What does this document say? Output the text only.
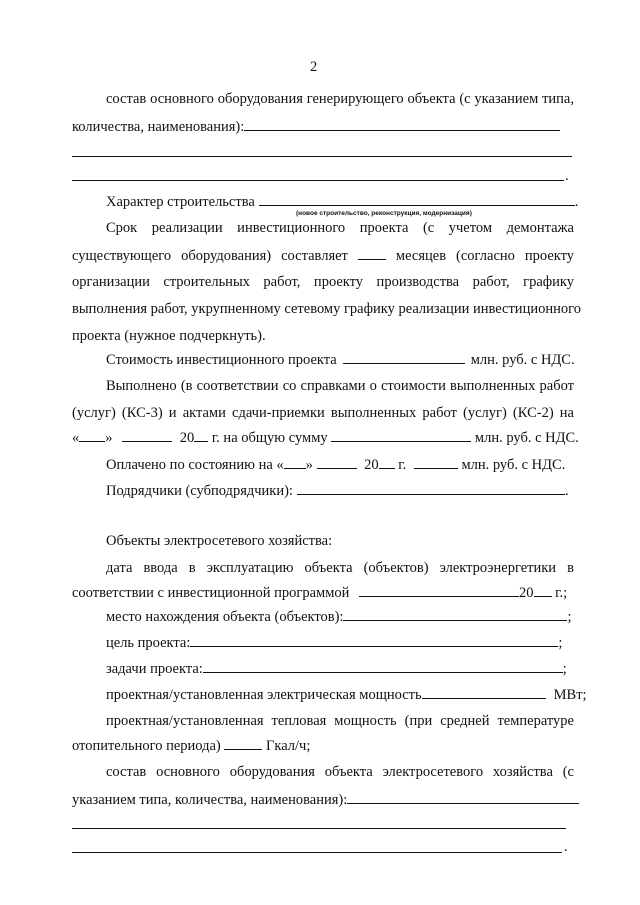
2
состав основного оборудования генерирующего объекта (с указанием типа,
количества, наименования):
.
Характер строительства	.
(новое строительство, реконструкция, модернизация)
Срок реализации инвестиционного проекта (с учетом демонтажа
существующего оборудования) составляет	месяцев (согласно проекту
организации строительных работ, проекту производства работ, графику
выполнения работ, укрупненному сетевому графику реализации инвестиционного
проекта (нужное подчеркнуть).
Стоимость инвестиционного проекта	млн. руб. с НДС.
Выполнено (в соответствии со справками о стоимости выполненных работ
(услуг) (КС-3) и актами сдачи-приемки выполненных работ (услуг) (КС-2) на
« »	20 г. на общую сумму	млн. руб. с НДС.
Оплачено по состоянию на « »	20 г.	млн. руб. с НДС.
Подрядчики (субподрядчики):	.
Объекты электросетевого хозяйства:
дата ввода в эксплуатацию объекта (объектов) электроэнергетики в
соответствии с инвестиционной программой	20 г.;
место нахождения объекта (объектов):	;
цель проекта:	;
задачи проекта:	;
проектная/установленная электрическая мощность	МВт;
проектная/установленная тепловая мощность (при средней температуре
отопительного периода)	Гкал/ч;
состав основного оборудования объекта электросетевого хозяйства (с
указанием типа, количества, наименования):
.
